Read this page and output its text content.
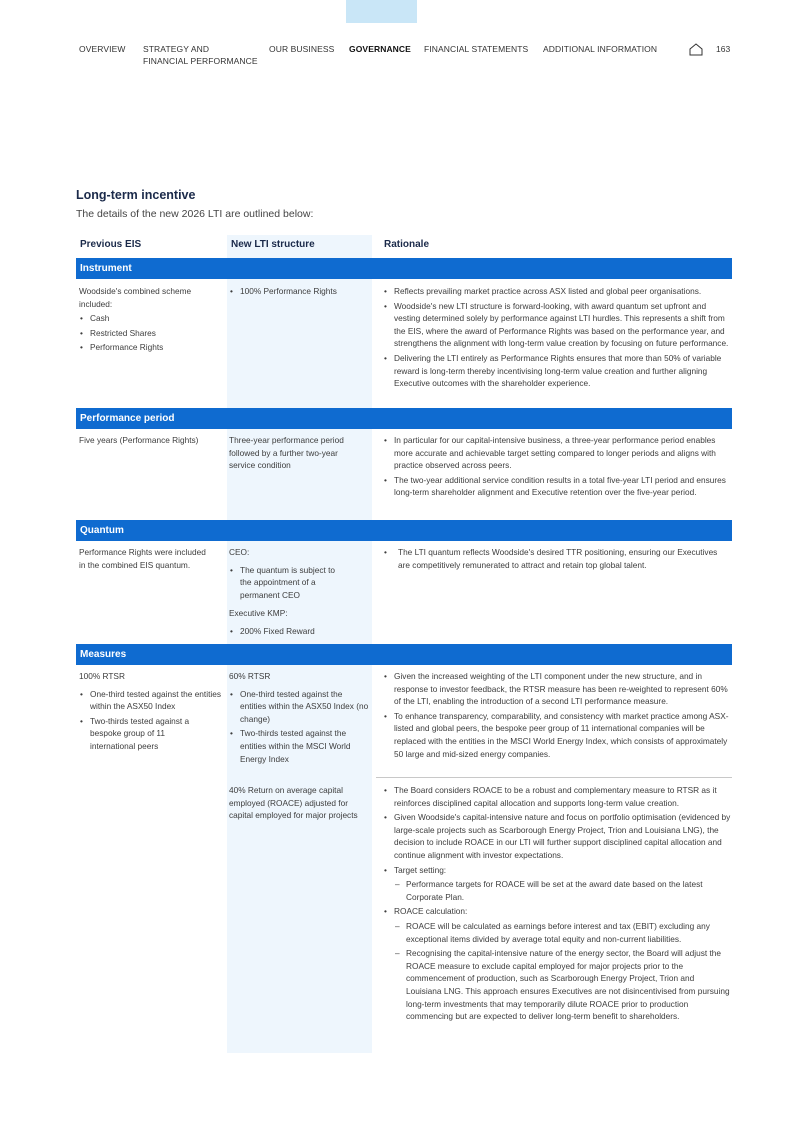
OVERVIEW STRATEGY AND
FINANCIAL PERFORMANCE
OUR BUSINESS GOVERNANCE FINANCIAL STATEMENTS ADDITIONAL INFORMATION	163
Long-term incentive
The details of the new 2026 LTI are outlined below:
Previous EIS	New LTI structure	Rationale
Instrument

Woodside's combined scheme included:

• Cash

• Restricted Shares

• Performance Rights

• 100% Performance Rights

•	Reflects prevailing market practice across ASX listed and global peer organisations.

• Woodside's new LTI structure is forward-looking, with award quantum set upfront and vesting determined solely by performance against LTI hurdles. This represents a shift from the EIS, where the award of Performance Rights was based on the performance year, and strengthens the alignment with long-term value creation by focusing on future performance.

• Delivering the LTI entirely as Performance Rights ensures that more than 50% of variable reward is long-term thereby incentivising long-term value creation and further aligning Executive outcomes with the shareholder experience.

Performance period
Five years (Performance Rights)	Three-year performance period followed by a further two-year service condition

• In particular for our capital-intensive business, a three-year performance period enables more accurate and achievable target setting compared to longer periods and aligns with practice observed across peers.

• The two-year additional service condition results in a total five-year LTI period and ensures long-term shareholder alignment and Executive retention over the five-year period.

Quantum
Performance Rights were included in the combined EIS quantum.

CEO:

• The quantum is subject to the appointment of a permanent CEO

Executive KMP:

• 200% Fixed Reward

• The LTI quantum reflects Woodside's desired TTR positioning, ensuring our Executives are competitively remunerated to attract and retain top global talent.

Measures

100% RTSR

• One-third tested against the entities within the ASX50 Index

• Two-thirds tested against a bespoke group of 11 international peers

60% RTSR

• One-third tested against the entities within the ASX50 Index (no change)

• Two-thirds tested against the entities within the MSCI World Energy Index

• Given the increased weighting of the LTI component under the new structure, and in response to investor feedback, the RTSR measure has been re-weighted to represent 60% of the LTI, enabling the introduction of a second LTI performance measure.

• To enhance transparency, comparability, and consistency with market practice among ASX-listed and global peers, the bespoke peer group of 11 international companies will be replaced with the entities in the MSCI World Energy Index, which consists of approximately 50 large and mid-sized energy companies.

40% Return on average capital employed (ROACE) adjusted for capital employed for major projects

• The Board considers ROACE to be a robust and complementary measure to RTSR as it reinforces disciplined capital allocation and supports long-term value creation.

• Given Woodside's capital-intensive nature and focus on portfolio optimisation (evidenced by large-scale projects such as Scarborough Energy Project, Trion and Louisiana LNG), the decision to include ROACE in our LTI will further support disciplined capital allocation and continue alignment with investor expectations.

• Target setting:

– Performance targets for ROACE will be set at the award date based on the latest Corporate Plan.

• ROACE calculation:

– ROACE will be calculated as earnings before interest and tax (EBIT) excluding any exceptional items divided by average total equity and non-current liabilities.

– Recognising the capital-intensive nature of the energy sector, the Board will adjust the ROACE measure to exclude capital employed for major projects prior to the commencement of production, such as Scarborough Energy Project, Trion and Louisiana LNG. This approach ensures Executives are not disincentivised from pursuing long-term investments that may temporarily dilute ROACE prior to production commencing but are expected to deliver long-term benefit to shareholders.
